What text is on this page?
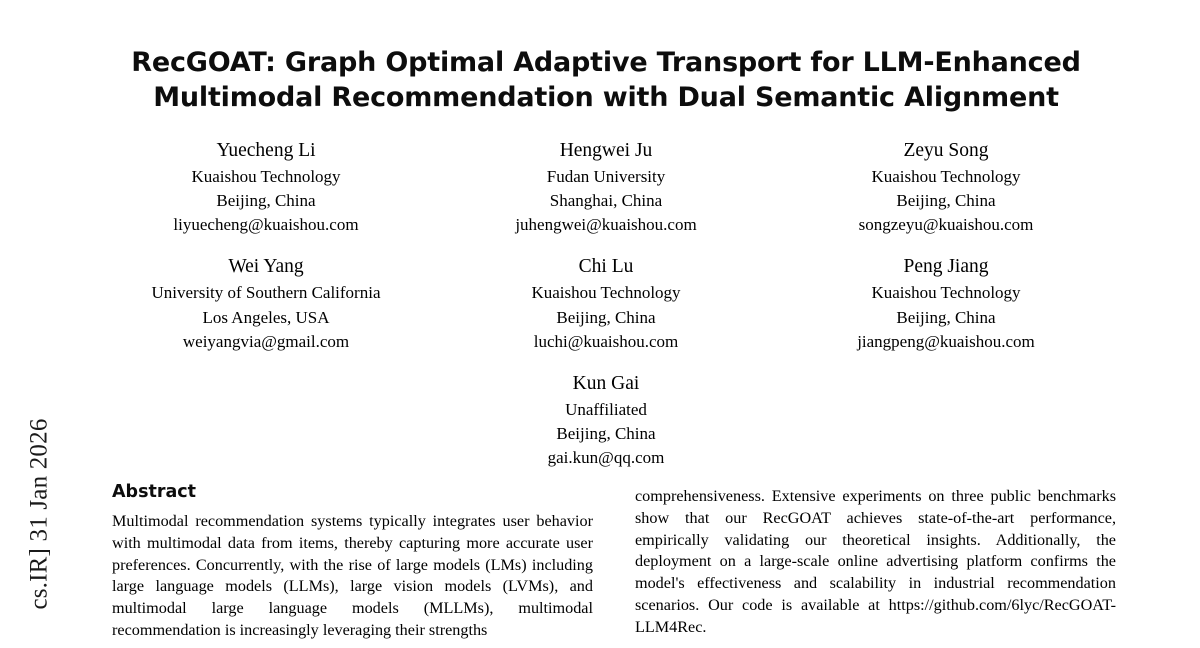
cs.IR] 31 Jan 2026
RecGOAT: Graph Optimal Adaptive Transport for LLM-Enhanced
Multimodal Recommendation with Dual Semantic Alignment
Yuecheng Li
Kuaishou Technology
Beijing, China
liyuecheng@kuaishou.com
Hengwei Ju
Fudan University
Shanghai, China
juhengwei@kuaishou.com
Zeyu Song
Kuaishou Technology
Beijing, China
songzeyu@kuaishou.com
Wei Yang
University of Southern California
Los Angeles, USA
weiyangvia@gmail.com
Chi Lu
Kuaishou Technology
Beijing, China
luchi@kuaishou.com
Peng Jiang
Kuaishou Technology
Beijing, China
jiangpeng@kuaishou.com
Kun Gai
Unaffiliated
Beijing, China
gai.kun@qq.com
Abstract
Multimodal recommendation systems typically integrates user behavior with multimodal data from items, thereby capturing more accurate user preferences. Concurrently, with the rise of large models (LMs) including large language models (LLMs), large vision models (LVMs), and multimodal large language models (MLLMs), multimodal recommendation is increasingly leveraging their strengths
comprehensiveness. Extensive experiments on three public benchmarks show that our RecGOAT achieves state-of-the-art performance, empirically validating our theoretical insights. Additionally, the deployment on a large-scale online advertising platform confirms the model's effectiveness and scalability in industrial recommendation scenarios. Our code is available at https://github.com/6lyc/RecGOAT-LLM4Rec.
